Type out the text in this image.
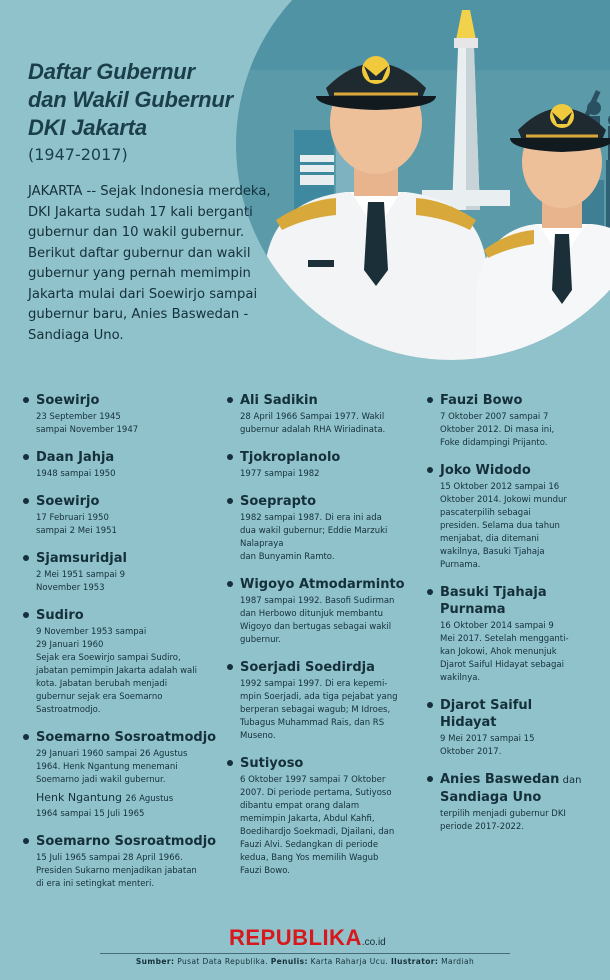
Daftar Gubernur
dan Wakil Gubernur
DKI Jakarta
(1947-2017)

JAKARTA -- Sejak Indonesia merdeka, DKI Jakarta sudah 17 kali berganti gubernur dan 10 wakil gubernur. Berikut daftar gubernur dan wakil gubernur yang pernah memimpin Jakarta mulai dari Soewirjo sampai gubernur baru, Anies Baswedan - Sandiaga Uno.

Soewirjo
23 September 1945
sampai November 1947
Daan Jahja
1948 sampai 1950
Soewirjo
17 Februari 1950
sampai 2 Mei 1951
Sjamsuridjal
2 Mei 1951 sampai 9
November 1953
Sudiro
9 November 1953 sampai
29 Januari 1960
Sejak era Soewirjo sampai Sudiro,
jabatan pemimpin Jakarta adalah wali
kota. Jabatan berubah menjadi
gubernur sejak era Soemarno
Sastroatmodjo.
Soemarno Sosroatmodjo
29 Januari 1960 sampai 26 Agustus
1964. Henk Ngantung menemani
Soemarno jadi wakil gubernur.
Henk Ngantung 26 Agustus
1964 sampai 15 Juli 1965
Soemarno Sosroatmodjo
15 Juli 1965 sampai 28 April 1966.
Presiden Sukarno menjadikan jabatan
di era ini setingkat menteri.
Ali Sadikin
28 April 1966 Sampai 1977. Wakil
gubernur adalah RHA Wiriadinata.
Tjokroplanolo
1977 sampai 1982
Soeprapto
1982 sampai 1987. Di era ini ada
dua wakil gubernur; Eddie Marzuki
Nalapraya
dan Bunyamin Ramto.
Wigoyo Atmodarminto
1987 sampai 1992. Basofi Sudirman
dan Herbowo ditunjuk membantu
Wigoyo dan bertugas sebagai wakil
gubernur.
Soerjadi Soedirdja
1992 sampai 1997. Di era kepemi-
mpin Soerjadi, ada tiga pejabat yang
berperan sebagai wagub; M Idroes,
Tubagus Muhammad Rais, dan RS
Museno.
Sutiyoso
6 Oktober 1997 sampai 7 Oktober
2007. Di periode pertama, Sutiyoso
dibantu empat orang dalam
memimpin Jakarta, Abdul Kahfi,
Boedihardjo Soekmadi, Djailani, dan
Fauzi Alvi. Sedangkan di periode
kedua, Bang Yos memilih Wagub
Fauzi Bowo.
Fauzi Bowo
7 Oktober 2007 sampai 7
Oktober 2012. Di masa ini,
Foke didampingi Prijanto.
Joko Widodo
15 Oktober 2012 sampai 16
Oktober 2014. Jokowi mundur
pascaterpilih sebagai
presiden. Selama dua tahun
menjabat, dia ditemani
wakilnya, Basuki Tjahaja
Purnama.
Basuki Tjahaja
Purnama
16 Oktober 2014 sampai 9
Mei 2017. Setelah mengganti-
kan Jokowi, Ahok menunjuk
Djarot Saiful Hidayat sebagai
wakilnya.
Djarot Saiful
Hidayat
9 Mei 2017 sampai 15
Oktober 2017.
Anies Baswedan dan
Sandiaga Uno
terpilih menjadi gubernur DKI
periode 2017-2022.
REPUBLIKA.co.id
Sumber: Pusat Data Republika. Penulis: Karta Raharja Ucu. Ilustrator: Mardiah
